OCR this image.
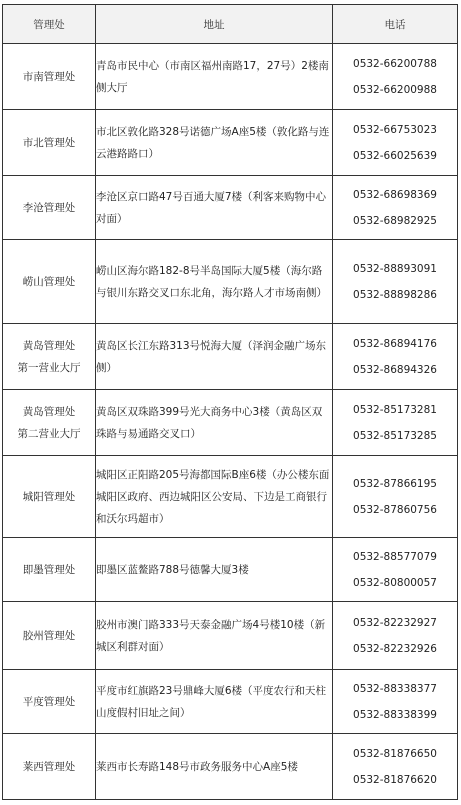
管理处	地址	电话

市南管理处	青岛市民中心（市南区福州南路17，27号）2楼南侧大厅	0532-66200788
0532-66200988

市北管理处	市北区敦化路328号诺德广场A座5楼（敦化路与连云港路路口）	0532-66753023
0532-66025639

李沧管理处	李沧区京口路47号百通大厦7楼（利客来购物中心对面）	0532-68698369
0532-68982925

崂山管理处	崂山区海尔路182-8号半岛国际大厦5楼（海尔路与银川东路交叉口东北角，海尔路人才市场南侧）	0532-88893091
0532-88898286

黄岛管理处
第一营业大厅	黄岛区长江东路313号悦海大厦（泽润金融广场东侧）	0532-86894176
0532-86894326

黄岛管理处
第二营业大厅	黄岛区双珠路399号光大商务中心3楼（黄岛区双珠路与易通路交叉口）	0532-85173281
0532-85173285

城阳管理处	城阳区正阳路205号海都国际B座6楼（办公楼东面城阳区政府、西边城阳区公安局、下边是工商银行和沃尔玛超市）	0532-87866195
0532-87860756

即墨管理处	即墨区蓝鳌路788号德馨大厦3楼	0532-88577079
0532-80800057

胶州管理处	胶州市澳门路333号天泰金融广场4号楼10楼（新城区利群对面）	0532-82232927
0532-82232926

平度管理处	平度市红旗路23号鼎峰大厦6楼（平度农行和天柱山度假村旧址之间）	0532-88338377
0532-88338399

莱西管理处	莱西市长寿路148号市政务服务中心A座5楼	0532-81876650
0532-81876620
